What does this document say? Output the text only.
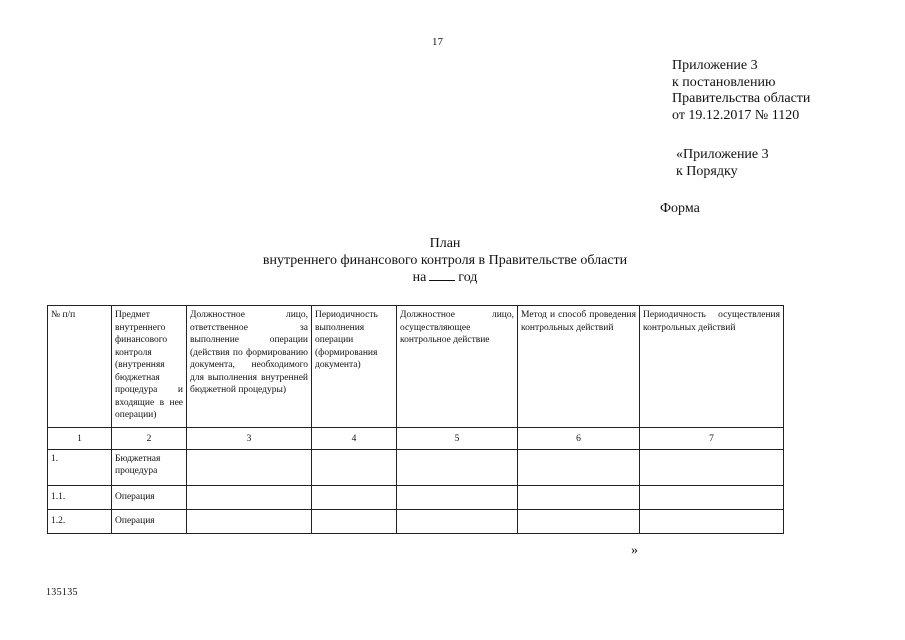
17
Приложение 3
к постановлению
Правительства области
от 19.12.2017 № 1120
«Приложение 3
к Порядку
Форма
План
внутреннего финансового контроля в Правительстве области
на год
№ п/п	Предмет внутреннего финансового контроля (внутренняя бюджетная процедура и входящие в нее операции)	Должностное лицо, ответственное за выполнение операции (действия по формированию документа, необходимого для выполнения внутренней бюджетной процедуры)	Периодичность выполнения операции (формирования документа)	Должностное лицо, осуществляющее контрольное действие	Метод и способ проведения контрольных действий	Периодичность осуществления контрольных действий
1	2	3	4	5	6	7
1.	Бюджетная процедура					
1.1.	Операция					
1.2.	Операция					
»
135135
